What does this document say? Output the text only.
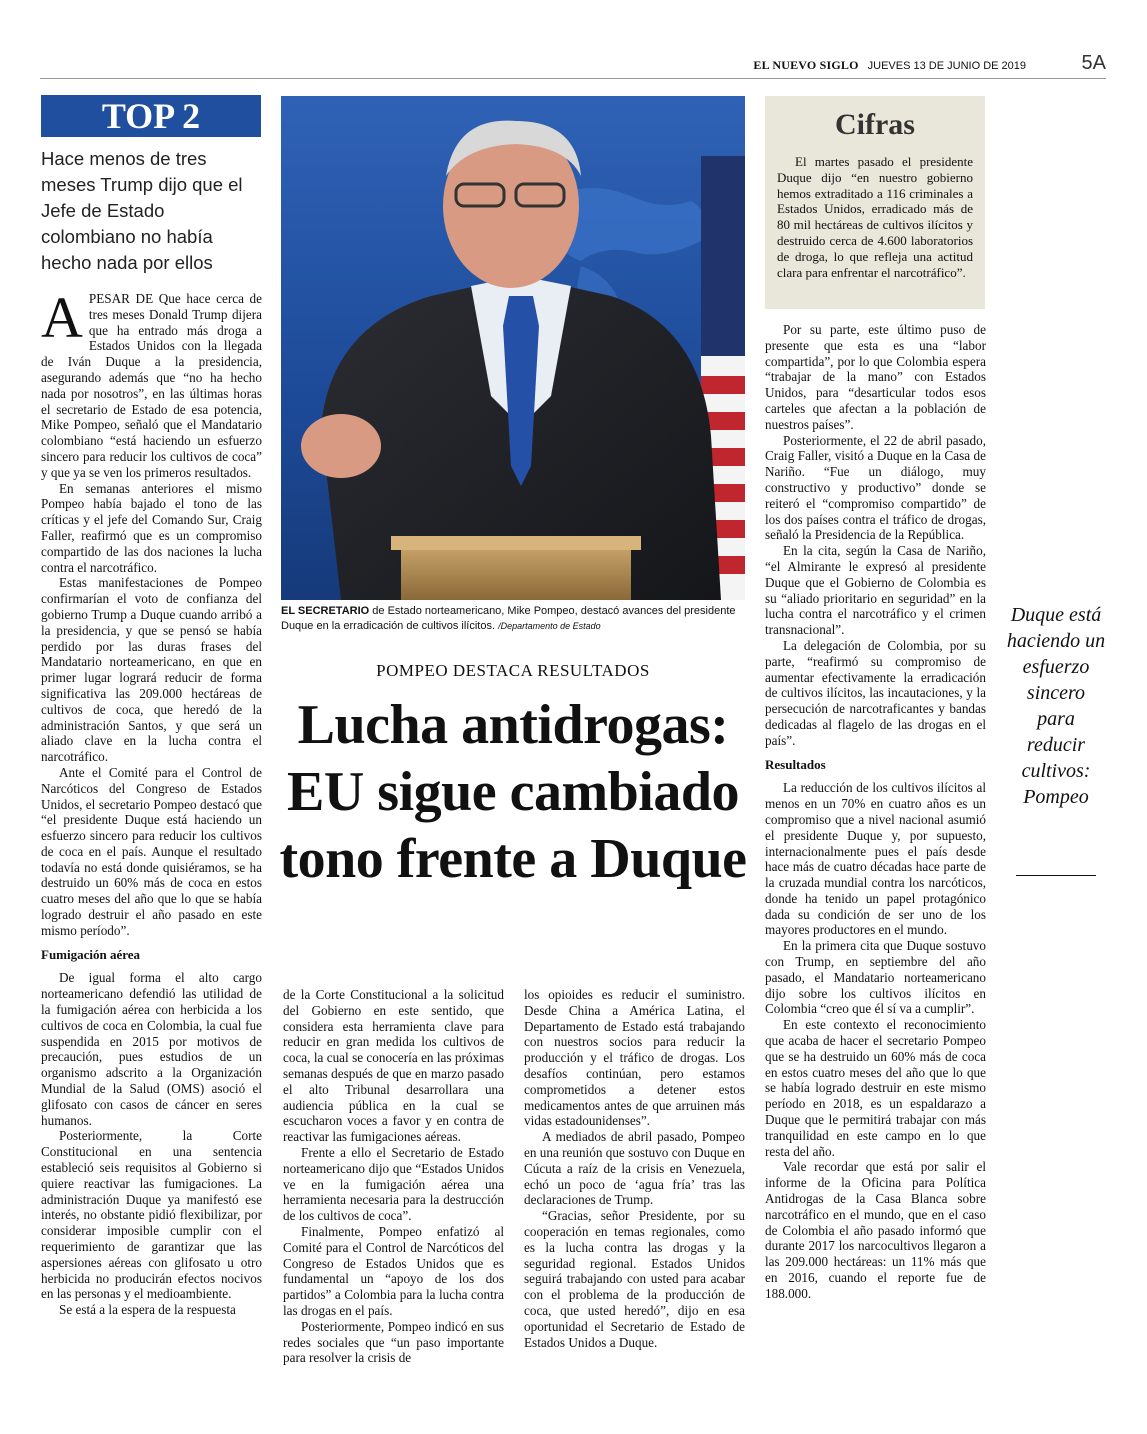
EL NUEVO SIGLO JUEVES 13 DE JUNIO DE 2019	5A
TOP 2
Hace menos de tres meses Trump dijo que el Jefe de Estado colombiano no había hecho nada por ellos

APESAR DE Que hace cerca de tres meses Donald Trump dijera que ha entrado más droga a Estados Unidos con la llegada de Iván Duque a la presidencia, asegurando además que “no ha hecho nada por nosotros”, en las últimas horas el secretario de Estado de esa potencia, Mike Pompeo, señaló que el Mandatario colombiano “está haciendo un esfuerzo sincero para reducir los cultivos de coca” y que ya se ven los primeros resultados.

En semanas anteriores el mismo Pompeo había bajado el tono de las críticas y el jefe del Comando Sur, Craig Faller, reafirmó que es un compromiso compartido de las dos naciones la lucha contra el narcotráfico.

Estas manifestaciones de Pompeo confirmarían el voto de confianza del gobierno Trump a Duque cuando arribó a la presidencia, y que se pensó se había perdido por las duras frases del Mandatario norteamericano, en que en primer lugar logrará reducir de forma significativa las 209.000 hectáreas de cultivos de coca, que heredó de la administración Santos, y que será un aliado clave en la lucha contra el narcotráfico.

Ante el Comité para el Control de Narcóticos del Congreso de Estados Unidos, el secretario Pompeo destacó que “el presidente Duque está haciendo un esfuerzo sincero para reducir los cultivos de coca en el país. Aunque el resultado todavía no está donde quisiéramos, se ha destruido un 60% más de coca en estos cuatro meses del año que lo que se había logrado destruir el año pasado en este mismo período”.

Fumigación aérea

De igual forma el alto cargo norteamericano defendió las utilidad de la fumigación aérea con herbicida a los cultivos de coca en Colombia, la cual fue suspendida en 2015 por motivos de precaución, pues estudios de un organismo adscrito a la Organización Mundial de la Salud (OMS) asoció el glifosato con casos de cáncer en seres humanos.

Posteriormente, la Corte Constitucional en una sentencia estableció seis requisitos al Gobierno si quiere reactivar las fumigaciones. La administración Duque ya manifestó ese interés, no obstante pidió flexibilizar, por considerar imposible cumplir con el requerimiento de garantizar que las aspersiones aéreas con glifosato u otro herbicida no producirán efectos nocivos en las personas y el medioambiente.

Se está a la espera de la respuesta

EL SECRETARIO de Estado norteamericano, Mike Pompeo, destacó avances del presidente Duque en la erradicación de cultivos ilícitos. /Departamento de Estado
POMPEO DESTACA RESULTADOS
Lucha antidrogas: EU sigue cambiado tono frente a Duque

de la Corte Constitucional a la solicitud del Gobierno en este sentido, que considera esta herramienta clave para reducir en gran medida los cultivos de coca, la cual se conocería en las próximas semanas después de que en marzo pasado el alto Tribunal desarrollara una audiencia pública en la cual se escucharon voces a favor y en contra de reactivar las fumigaciones aéreas.

Frente a ello el Secretario de Estado norteamericano dijo que “Estados Unidos ve en la fumigación aérea una herramienta necesaria para la destrucción de los cultivos de coca”.

Finalmente, Pompeo enfatizó al Comité para el Control de Narcóticos del Congreso de Estados Unidos que es fundamental un “apoyo de los dos partidos” a Colombia para la lucha contra las drogas en el país.

Posteriormente, Pompeo indicó en sus redes sociales que “un paso importante para resolver la crisis de

los opioides es reducir el suministro. Desde China a América Latina, el Departamento de Estado está trabajando con nuestros socios para reducir la producción y el tráfico de drogas. Los desafíos continúan, pero estamos comprometidos a detener estos medicamentos antes de que arruinen más vidas estadounidenses”.

A mediados de abril pasado, Pompeo en una reunión que sostuvo con Duque en Cúcuta a raíz de la crisis en Venezuela, echó un poco de ‘agua fría’ tras las declaraciones de Trump.

“Gracias, señor Presidente, por su cooperación en temas regionales, como es la lucha contra las drogas y la seguridad regional. Estados Unidos seguirá trabajando con usted para acabar con el problema de la producción de coca, que usted heredó”, dijo en esa oportunidad el Secretario de Estado de Estados Unidos a Duque.

Cifras
El martes pasado el presidente Duque dijo “en nuestro gobierno hemos extraditado a 116 criminales a Estados Unidos, erradicado más de 80 mil hectáreas de cultivos ilícitos y destruido cerca de 4.600 laboratorios de droga, lo que refleja una actitud clara para enfrentar el narcotráfico”.

Por su parte, este último puso de presente que esta es una “labor compartida”, por lo que Colombia espera “trabajar de la mano” con Estados Unidos, para “desarticular todos esos carteles que afectan a la población de nuestros países”.

Posteriormente, el 22 de abril pasado, Craig Faller, visitó a Duque en la Casa de Nariño. “Fue un diálogo, muy constructivo y productivo” donde se reiteró el “compromiso compartido” de los dos países contra el tráfico de drogas, señaló la Presidencia de la República.

En la cita, según la Casa de Nariño, “el Almirante le expresó al presidente Duque que el Gobierno de Colombia es su “aliado prioritario en seguridad” en la lucha contra el narcotráfico y el crimen transnacional”.

La delegación de Colombia, por su parte, “reafirmó su compromiso de aumentar efectivamente la erradicación de cultivos ilícitos, las incautaciones, y la persecución de narcotraficantes y bandas dedicadas al flagelo de las drogas en el país”.

Resultados

La reducción de los cultivos ilícitos al menos en un 70% en cuatro años es un compromiso que a nivel nacional asumió el presidente Duque y, por supuesto, internacionalmente pues el país desde hace más de cuatro décadas hace parte de la cruzada mundial contra los narcóticos, donde ha tenido un papel protagónico dada su condición de ser uno de los mayores productores en el mundo.

En la primera cita que Duque sostuvo con Trump, en septiembre del año pasado, el Mandatario norteamericano dijo sobre los cultivos ilícitos en Colombia “creo que él sí va a cumplir”.

En este contexto el reconocimiento que acaba de hacer el secretario Pompeo que se ha destruido un 60% más de coca en estos cuatro meses del año que lo que se había logrado destruir en este mismo período en 2018, es un espaldarazo a Duque que le permitirá trabajar con más tranquilidad en este campo en lo que resta del año.

Vale recordar que está por salir el informe de la Oficina para Política Antidrogas de la Casa Blanca sobre narcotráfico en el mundo, que en el caso de Colombia el año pasado informó que durante 2017 los narcocultivos llegaron a las 209.000 hectáreas: un 11% más que en 2016, cuando el reporte fue de 188.000.

Duque está haciendo un esfuerzo sincero para reducir cultivos: Pompeo
